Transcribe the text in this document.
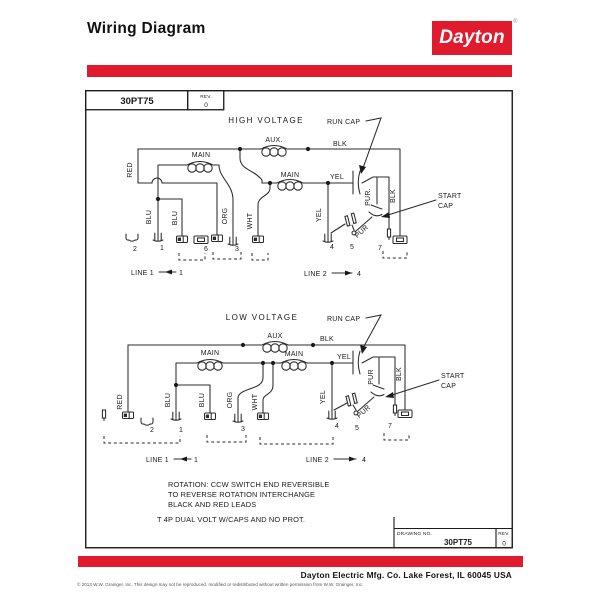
Wiring Diagram	Dayton
®
30PT75	REV.
0
HIGH VOLTAGE	RUN CAP
START
CAP
AUX.
BLK
MAIN
MAIN	YEL
RED
BLU	BLU	ORG	WHT	YEL
PUR.	BLK
PUR
2	1	6	3	4 5	7
LINE 1	1	LINE 2	4
LOW VOLTAGE	RUN CAP
START
CAP
AUX	BLK
MAIN	MAIN	YEL
RED	BLU	BLU	ORG	WHT	YEL
PUR	BLK
PUR
2	1	3	4 5	7
LINE 1	1	LINE 2	4
ROTATION: CCW SWITCH END REVERSIBLE
TO REVERSE ROTATION INTERCHANGE
BLACK AND RED LEADS
T 4P DUAL VOLT W/CAPS AND NO PROT.
DRAWING NO.
30PT75
REV.
0
Dayton Electric Mfg. Co. Lake Forest, IL 60045 USA
© 2013 W.W. Grainger, Inc. This design may not be reproduced, modified or redistributed without written permission from W.W. Grainger, Inc.
